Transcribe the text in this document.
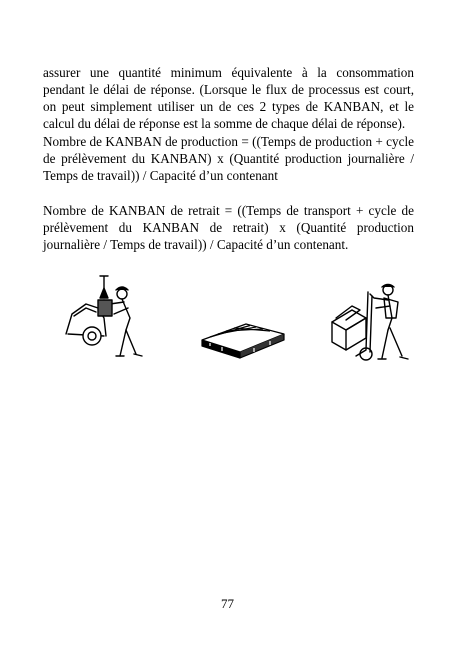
assurer une quantité minimum équivalente à la consommation pendant le délai de réponse. (Lorsque le flux de processus est court, on peut simplement utiliser un de ces 2 types de KANBAN, et le calcul du délai de réponse est la somme de chaque délai de réponse).

Nombre de KANBAN de production = ((Temps de production + cycle de prélèvement du KANBAN) x (Quantité production journalière / Temps de travail)) / Capacité d’un contenant

Nombre de KANBAN de retrait = ((Temps de transport + cycle de prélèvement du KANBAN de retrait) x (Quantité production journalière / Temps de travail)) / Capacité d’un contenant.

77
